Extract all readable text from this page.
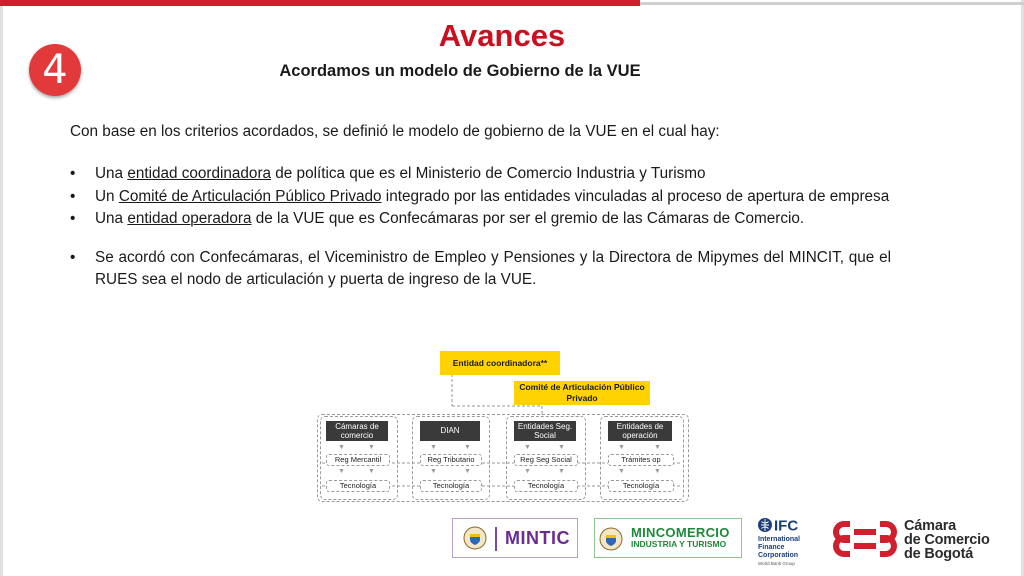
4
Avances
Acordamos un modelo de Gobierno de la VUE

Con base en los criterios acordados, se definió le modelo de gobierno de la VUE en el cual hay:

• Una entidad coordinadora de política que es el Ministerio de Comercio Industria y Turismo
• Un Comité de Articulación Público Privado integrado por las entidades vinculadas al proceso de apertura de empresa
• Una entidad operadora de la VUE que es Confecámaras por ser el gremio de las Cámaras de Comercio.
• Se acordó con Confecámaras, el Viceministro de Empleo y Pensiones y la Directora de Mipymes del MINCIT, que el RUES sea el nodo de articulación y puerta de ingreso de la VUE.
Entidad coordinadora**
Comité de Articulación Público Privado
Cámaras de comercio
▼	▼
Reg Mercantil
▼	▼
Tecnología
DIAN
▼	▼
Reg Tributario
▼	▼
Tecnología
Entidades Seg. Social
▼	▼
Reg Seg Social
▼	▼
Tecnología
Entidades de operación
▼	▼
Trámites op
▼	▼
Tecnología
MINTIC	MINCOMERCIO
INDUSTRIA Y TURISMO
IFC
International
Finance
Corporation
World Bank Group
Cámara
de Comercio
de Bogotá
